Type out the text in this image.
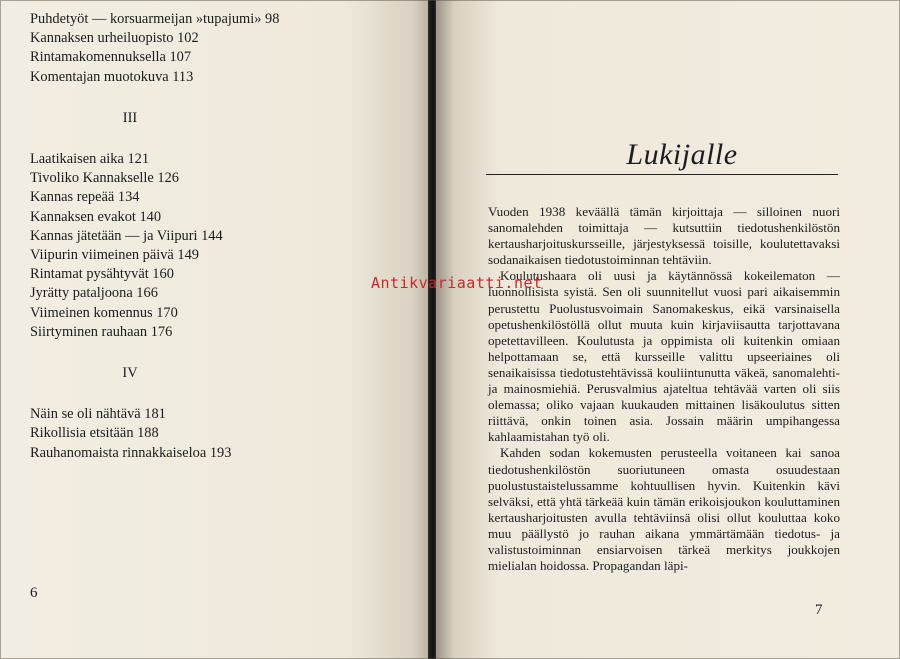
Puhdetyöt — korsuarmeijan »tupajumi» 98
Kannaksen urheiluopisto 102
Rintamakomennuksella 107
Komentajan muotokuva 113
III
Laatikaisen aika 121
Tivoliko Kannakselle 126
Kannas repeää 134
Kannaksen evakot 140
Kannas jätetään — ja Viipuri 144
Viipurin viimeinen päivä 149
Rintamat pysähtyvät 160
Jyrätty pataljoona 166
Viimeinen komennus 170
Siirtyminen rauhaan 176
IV
Näin se oli nähtävä 181
Rikollisia etsitään 188
Rauhanomaista rinnakkaiseloa 193
6
Lukijalle

Vuoden 1938 keväällä tämän kirjoittaja — silloinen nuori sanomalehden toimittaja — kutsuttiin tiedotushenkilöstön kertausharjoituskursseille, järjestyksessä toisille, koulutettavaksi sodanaikaisen tiedotustoiminnan tehtäviin.

Koulutushaara oli uusi ja käytännössä kokeilematon — luonnollisista syistä. Sen oli suunnitellut vuosi pari aikaisemmin perustettu Puolustusvoimain Sanomakeskus, eikä varsinaisella opetushenkilöstöllä ollut muuta kuin kirjaviisautta tarjottavana opetettavilleen. Koulutusta ja oppimista oli kuitenkin omiaan helpottamaan se, että kursseille valittu upseeriaines oli senaikaisissa tiedotustehtävissä kouliintunutta väkeä, sanomalehti- ja mainosmiehiä. Perusvalmius ajateltua tehtävää varten oli siis olemassa; oliko vajaan kuukauden mittainen lisäkoulutus sitten riittävä, onkin toinen asia. Jossain määrin umpihangessa kahlaamistahan työ oli.

Kahden sodan kokemusten perusteella voitaneen kai sanoa tiedotushenkilöstön suoriutuneen omasta osuudestaan puolustustaistelussamme kohtuullisen hyvin. Kuitenkin kävi selväksi, että yhtä tärkeää kuin tämän erikoisjoukon kouluttaminen kertausharjoitusten avulla tehtäviinsä olisi ollut kouluttaa koko muu päällystö jo rauhan aikana ymmärtämään tiedotus- ja valistustoiminnan ensiarvoisen tärkeä merkitys joukkojen mielialan hoidossa. Propagandan läpi-

7
Antikvariaatti.net
